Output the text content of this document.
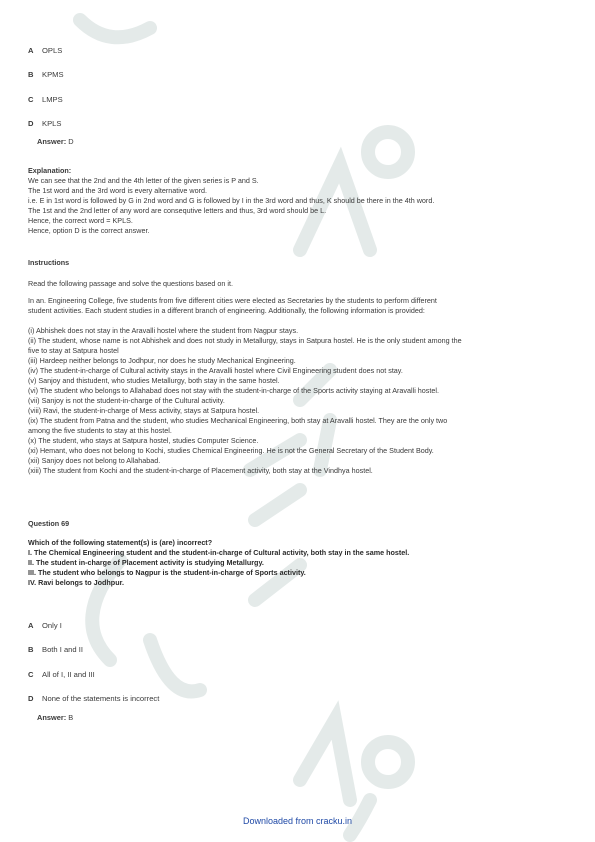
A OPLS
B KPMS
C LMPS
D KPLS
Answer: D
Explanation:
We can see that the 2nd and the 4th letter of the given series is P and S.
The 1st word and the 3rd word is every alternative word.
i.e. E in 1st word is followed by G in 2nd word and G is followed by I in the 3rd word and thus, K should be there in the 4th word.
The 1st and the 2nd letter of any word are consequtive letters and thus, 3rd word should be L.
Hence, the correct word = KPLS.
Hence, option D is the correct answer.
Instructions
Read the following passage and solve the questions based on it.
In an. Engineering College, five students from five different cities were elected as Secretaries by the students to perform different
student activities. Each student studies in a different branch of engineering. Additionally, the following information is provided:
(i) Abhishek does not stay in the Aravalli hostel where the student from Nagpur stays.
(ii) The student, whose name is not Abhishek and does not study in Metallurgy, stays in Satpura hostel. He is the only student among the
five to stay at Satpura hostel
(iii) Hardeep neither belongs to Jodhpur, nor does he study Mechanical Engineering.
(iv) The student-in-charge of Cultural activity stays in the Aravalli hostel where Civil Engineering student does not stay.
(v) Sanjoy and thistudent, who studies Metallurgy, both stay in the same hostel.
(vi) The student who belongs to Allahabad does not stay with the student-in-charge of the Sports activity staying at Aravalli hostel.
(vii) Sanjoy is not the student-in-charge of the Cultural activity.
(viii) Ravi, the student-in-charge of Mess activity, stays at Satpura hostel.
(ix) The student from Patna and the student, who studies Mechanical Engineering, both stay at Aravalli hostel. They are the only two
among the five students to stay at this hostel.
(x) The student, who stays at Satpura hostel, studies Computer Science.
(xi) Hemant, who does not belong to Kochi, studies Chemical Engineering. He is not the General Secretary of the Student Body.
(xii) Sanjoy does not belong to Allahabad.
(xiii) The student from Kochi and the student-in-charge of Placement activity, both stay at the Vindhya hostel.
Question 69
Which of the following statement(s) is (are) incorrect?
I. The Chemical Engineering student and the student-in-charge of Cultural activity, both stay in the same hostel.
II. The student in-charge of Placement activity is studying Metallurgy.
III. The student who belongs to Nagpur is the student-in-charge of Sports activity.
IV. Ravi belongs to Jodhpur.
A Only I
B Both I and II
C All of I, II and III
D None of the statements is incorrect
Answer: B
Downloaded from cracku.in
